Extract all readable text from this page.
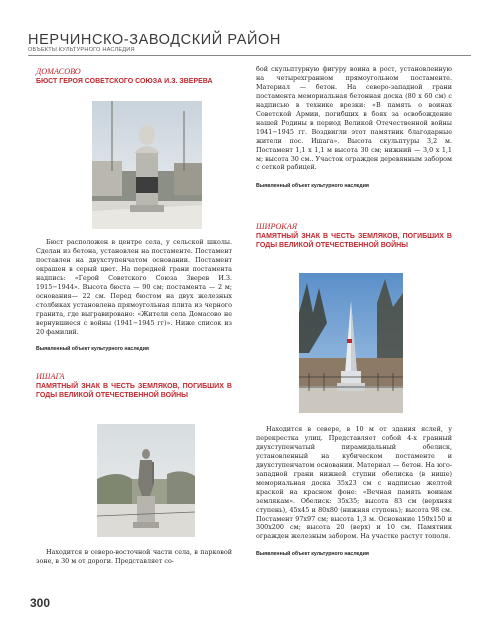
НЕРЧИНСКО-ЗАВОДСКИЙ РАЙОН
ОБЪЕКТЫ КУЛЬТУРНОГО НАСЛЕДИЯ
ДОМАСОВО
БЮСТ ГЕРОЯ СОВЕТСКОГО СОЮЗА И.З. ЗВЕРЕВА

Бюст расположен в центре села, у сельской школы. Сделан из бетона, установлен на постаменте. Постамент поставлен на двухступенчатом основании. Постамент окрашен в серый цвет. На передней грани постамента надпись: «Герой Советского Союза Зверев И.З. 1915−1944». Высота бюста — 90 см; постамента — 2 м; основания— 22 см. Перед бюстом на двух железных столбиках установлена прямоугольная плита из черного гранита, где выгравировано: «Жители села Домасово не вернувшиеся с войны (1941−1945 гг)». Ниже список из 20 фамилий.

Выявленный объект культурного наследия
ИШАГА
ПАМЯТНЫЙ ЗНАК В ЧЕСТЬ ЗЕМЛЯКОВ, ПОГИБШИХ В ГОДЫ ВЕЛИКОЙ ОТЕЧЕСТВЕННОЙ ВОЙНЫ

Находится в северо-восточной части села, в парковой зоне, в 30 м от дороги. Представляет со-

бой скульптурную фигуру воина в рост, установленную на четырехгранном прямоугольном постаменте. Материал — бетон. На северо-западной грани постамента мемориальная бетонная доска (80 х 60 см) с надписью в технике врезки: «В память о воинах Советской Армии, погибших в боях за освобождение нашей Родины в период Великой Отечественной войны 1941−1945 гг. Воздвигли этот памятник благодарные жители пос. Ишага». Высота скульптуры 3,2 м. Постамент 1,1 х 1,1 м высота 30 см; нижний — 3,0 х 1,1 м; высота 30 см.. Участок огражден деревянным забором с сеткой рабицей.

Выявленный объект культурного наследия
ШИРОКАЯ
ПАМЯТНЫЙ ЗНАК В ЧЕСТЬ ЗЕМЛЯКОВ, ПОГИБШИХ В ГОДЫ ВЕЛИКОЙ ОТЕЧЕСТВЕННОЙ ВОЙНЫ

Находится в севере, в 10 м от здания яслей, у перекрестка улиц. Представляет собой 4-х гранный двухступенчатый пирамидальный обелиск, установленный на кубическом постаменте и двухступенчатом основании. Материал — бетон. На юго-западной грани нижней ступни обелиска (в нише) мемориальная доска 35х23 см с надписью желтой краской на красном фоне: «Вечная память воинам землякам». Обелиск: 35х35; высота 83 см (верхняя ступень), 45х45 и 80х80 (нижняя ступень); высота 98 см. Постамент 97х97 см; высота 1,3 м. Основание 150х150 и 300х200 см; высота 20 (верх) и 10 см. Памятник огражден железным забором. На участке растут тополя.

Выявленный объект культурного наследия
300
